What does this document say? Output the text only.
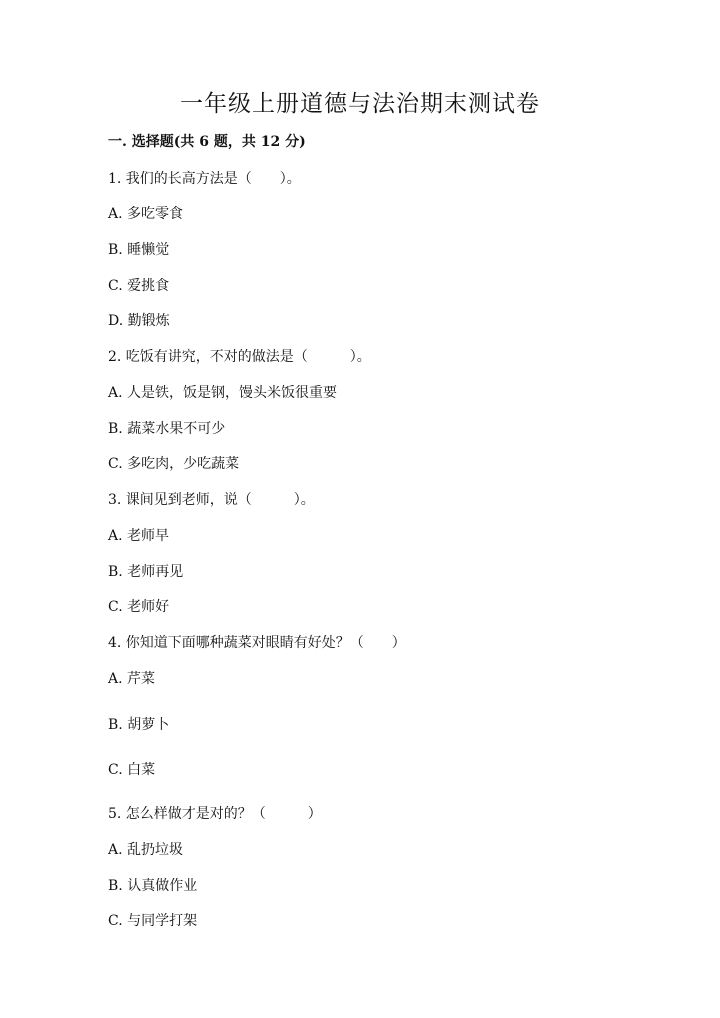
一年级上册道德与法治期末测试卷
一. 选择题(共 6 题，共 12 分)
1. 我们的长高方法是（　　）。
A. 多吃零食
B. 睡懒觉
C. 爱挑食
D. 勤锻炼
2. 吃饭有讲究，不对的做法是（　　　）。
A. 人是铁，饭是钢，馒头米饭很重要
B. 蔬菜水果不可少
C. 多吃肉，少吃蔬菜
3. 课间见到老师，说（　　　）。
A. 老师早
B. 老师再见
C. 老师好
4. 你知道下面哪种蔬菜对眼睛有好处？（　　）
A. 芹菜
B. 胡萝卜
C. 白菜
5. 怎么样做才是对的？（　　　）
A. 乱扔垃圾
B. 认真做作业
C. 与同学打架
